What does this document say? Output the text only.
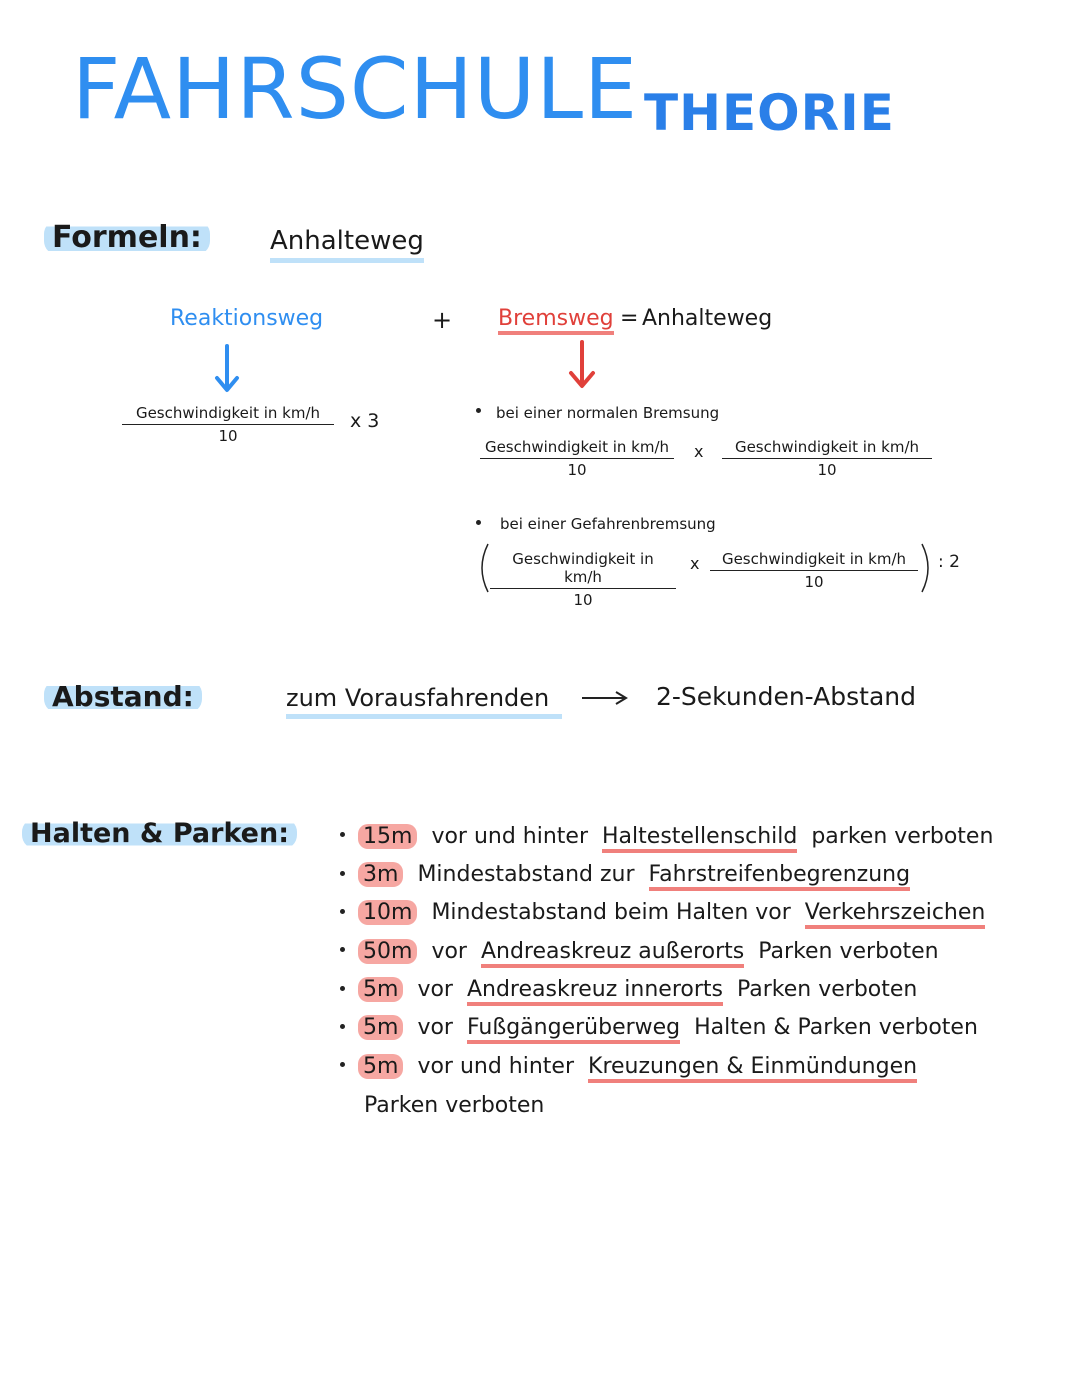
FAHRSCHULE THEORIE
Formeln:	Anhalteweg
Reaktionsweg	+ Bremsweg = Anhalteweg
Geschwindigkeit in km/h
10
x 3	bei einer normalen Bremsung
Geschwindigkeit in km/h
10
x	Geschwindigkeit in km/h
10
bei einer Gefahrenbremsung
Geschwindigkeit in km/h
10
x	Geschwindigkeit in km/h
10
: 2
Abstand:	zum Vorausfahrenden	2-Sekunden-Abstand
Halten & Parken:	15m vor und hinter Haltestellenschild parken verboten
3m Mindestabstand zur Fahrstreifenbegrenzung
10m Mindestabstand beim Halten vor Verkehrszeichen
50m vor Andreaskreuz außerorts Parken verboten
5m vor Andreaskreuz innerorts Parken verboten
5m vor Fußgängerüberweg Halten & Parken verboten
5m vor und hinter Kreuzungen & Einmündungen
Parken verboten
